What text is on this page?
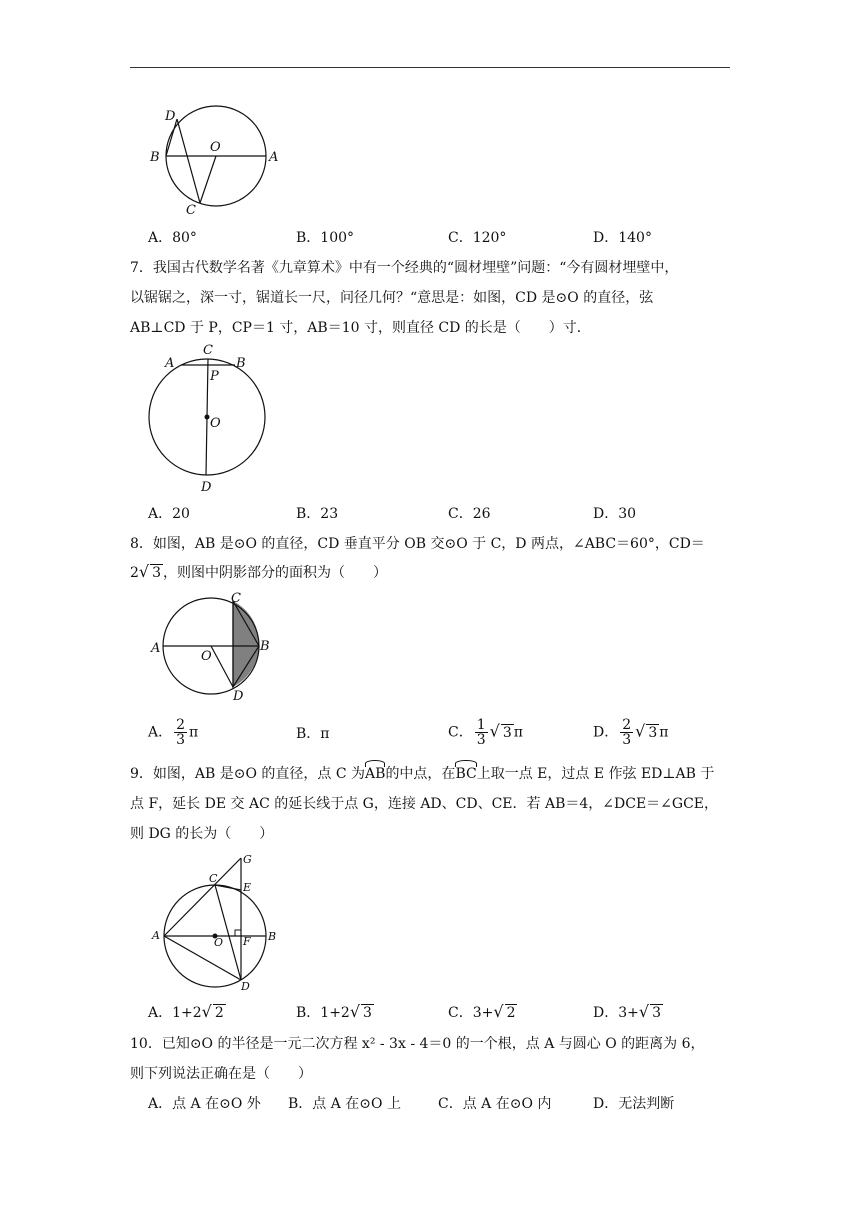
D
B
O
A
C
A．80°	B．100°	C．120°	D．140°
7．我国古代数学名著《九章算术》中有一个经典的“圆材埋壁”问题：“今有圆材埋壁中，
以锯锯之，深一寸，锯道长一尺，问径几何？“意思是：如图，CD 是⊙O 的直径，弦
AB⊥CD 于 P，CP＝1 寸，AB＝10 寸，则直径 CD 的长是（　　）寸．
A
C
B
P
O
D
A．20	B．23	C．26	D．30
8．如图，AB 是⊙O 的直径，CD 垂直平分 OB 交⊙O 于 C，D 两点，∠ABC＝60°，CD＝
2√ 3 ，则图中阴影部分的面积为（　　）
C
A
O
B
D
A． $\frac{2}{3}$ π	B．π	C． $\frac{1}{3}$ √ 3 π	D． $\frac{2}{3}$ √ 3 π
9．如图，AB 是⊙O 的直径，点 C 为AB的中点，在BC上取一点 E，过点 E 作弦 ED⊥AB 于
点 F，延长 DE 交 AC 的延长线于点 G，连接 AD、CD、CE．若 AB＝4，∠DCE＝∠GCE，
则 DG 的长为（　　）
G
C
E
A
O F B
D
A．1+2√ 2	B．1+2√ 3	C．3+√ 2	D．3+√ 3
10．已知⊙O 的半径是一元二次方程 x² - 3x - 4＝0 的一个根，点 A 与圆心 O 的距离为 6，
则下列说法正确在是（　　）
A．点 A 在⊙O 外 B．点 A 在⊙O 上	C．点 A 在⊙O 内	D．无法判断
